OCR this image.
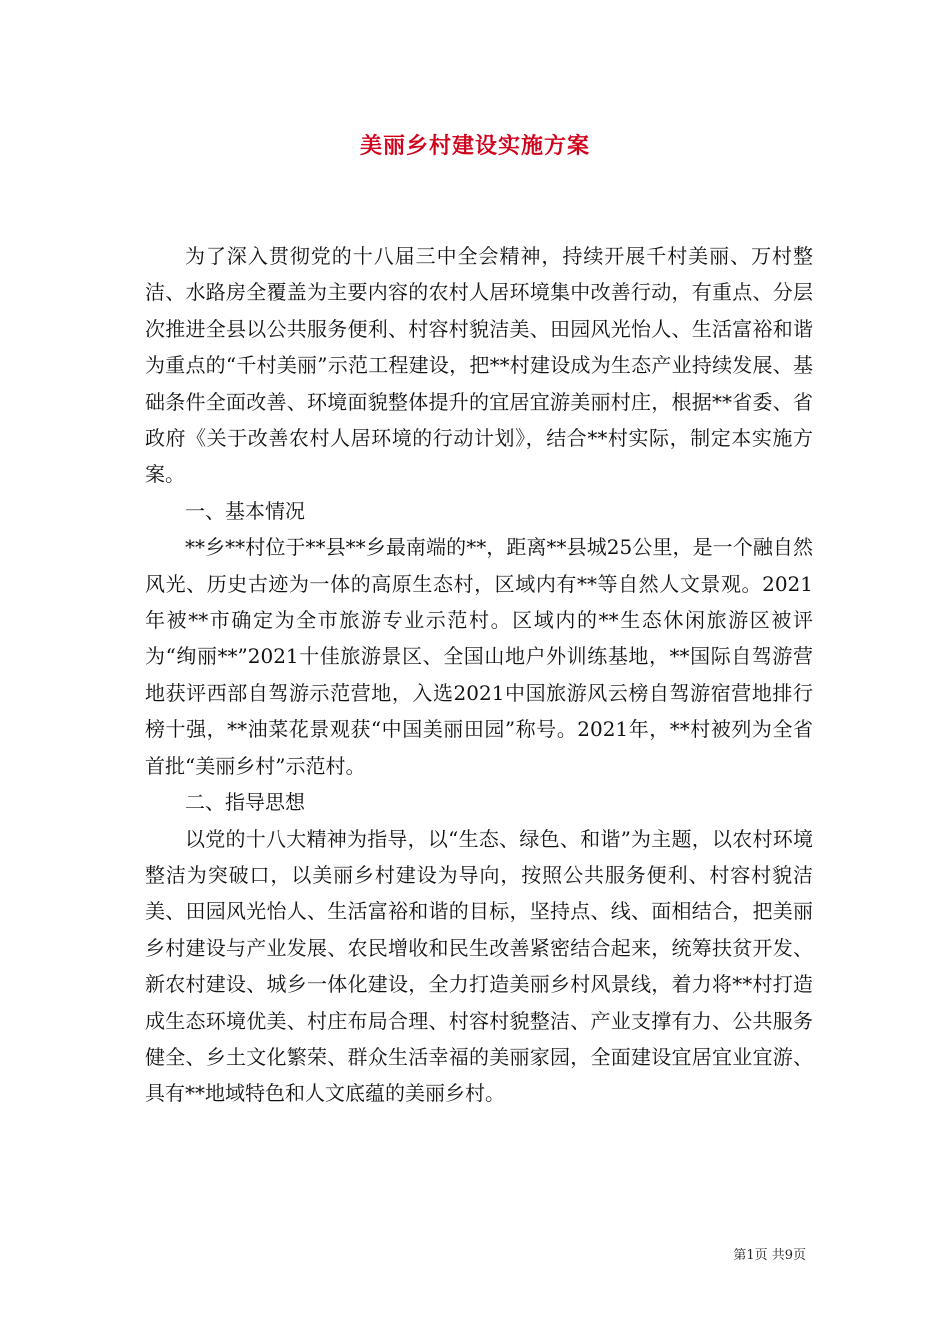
美丽乡村建设实施方案

为了深入贯彻党的十八届三中全会精神，持续开展千村美丽、万村整洁、水路房全覆盖为主要内容的农村人居环境集中改善行动，有重点、分层次推进全县以公共服务便利、村容村貌洁美、田园风光怡人、生活富裕和谐为重点的“千村美丽”示范工程建设，把**村建设成为生态产业持续发展、基础条件全面改善、环境面貌整体提升的宜居宜游美丽村庄，根据**省委、省政府《关于改善农村人居环境的行动计划》，结合**村实际，制定本实施方案。

一、基本情况

**乡**村位于**县**乡最南端的**，距离**县城25公里，是一个融自然风光、历史古迹为一体的高原生态村，区域内有**等自然人文景观。2021年被**市确定为全市旅游专业示范村。区域内的**生态休闲旅游区被评为“绚丽**”2021十佳旅游景区、全国山地户外训练基地，**国际自驾游营地获评西部自驾游示范营地，入选2021中国旅游风云榜自驾游宿营地排行榜十强，**油菜花景观获“中国美丽田园”称号。2021年，**村被列为全省首批“美丽乡村”示范村。

二、指导思想

以党的十八大精神为指导，以“生态、绿色、和谐”为主题，以农村环境整洁为突破口，以美丽乡村建设为导向，按照公共服务便利、村容村貌洁美、田园风光怡人、生活富裕和谐的目标，坚持点、线、面相结合，把美丽乡村建设与产业发展、农民增收和民生改善紧密结合起来，统筹扶贫开发、新农村建设、城乡一体化建设，全力打造美丽乡村风景线，着力将**村打造成生态环境优美、村庄布局合理、村容村貌整洁、产业支撑有力、公共服务健全、乡土文化繁荣、群众生活幸福的美丽家园，全面建设宜居宜业宜游、具有**地域特色和人文底蕴的美丽乡村。

第1页 共9页
